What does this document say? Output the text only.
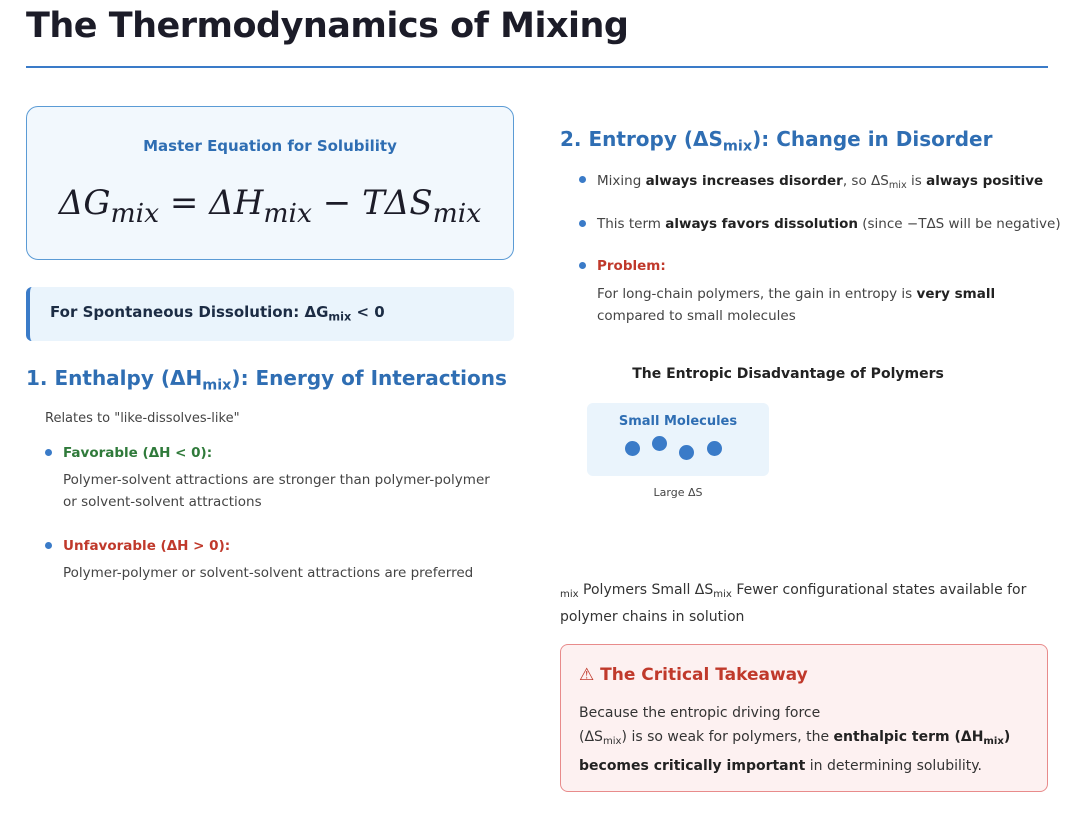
The Thermodynamics of Mixing
Master Equation for Solubility
$\Delta G_{mix} = \Delta H_{mix} - T\Delta S_{mix}$
For Spontaneous Dissolution: $\Delta G_{mix} < 0$
1. Enthalpy $(\Delta H_{mix})$: Energy of Interactions
Relates to "like-dissolves-like"
Favorable (ΔH < 0):
Polymer-solvent attractions are stronger than polymer-polymer or solvent-solvent attractions
Unfavorable (ΔH > 0):
Polymer-polymer or solvent-solvent attractions are preferred
2. Entropy $(\Delta S_{mix})$: Change in Disorder
Mixing always increases disorder, so $\Delta S_{mix}$ is always positive
This term always favors dissolution (since −TΔS will be negative)
Problem:
For long-chain polymers, the gain in entropy is very small compared to small molecules
The Entropic Disadvantage of Polymers
Small Molecules
Large ΔS
$_{mix}$ Polymers Small $\Delta S_{mix}$ Fewer configurational states available for polymer chains in solution
⚠ The Critical Takeaway
Because the entropic driving force $(\Delta S_{mix})$ is so weak for polymers, the enthalpic term $(\Delta H_{mix})$ becomes critically important in determining solubility.
